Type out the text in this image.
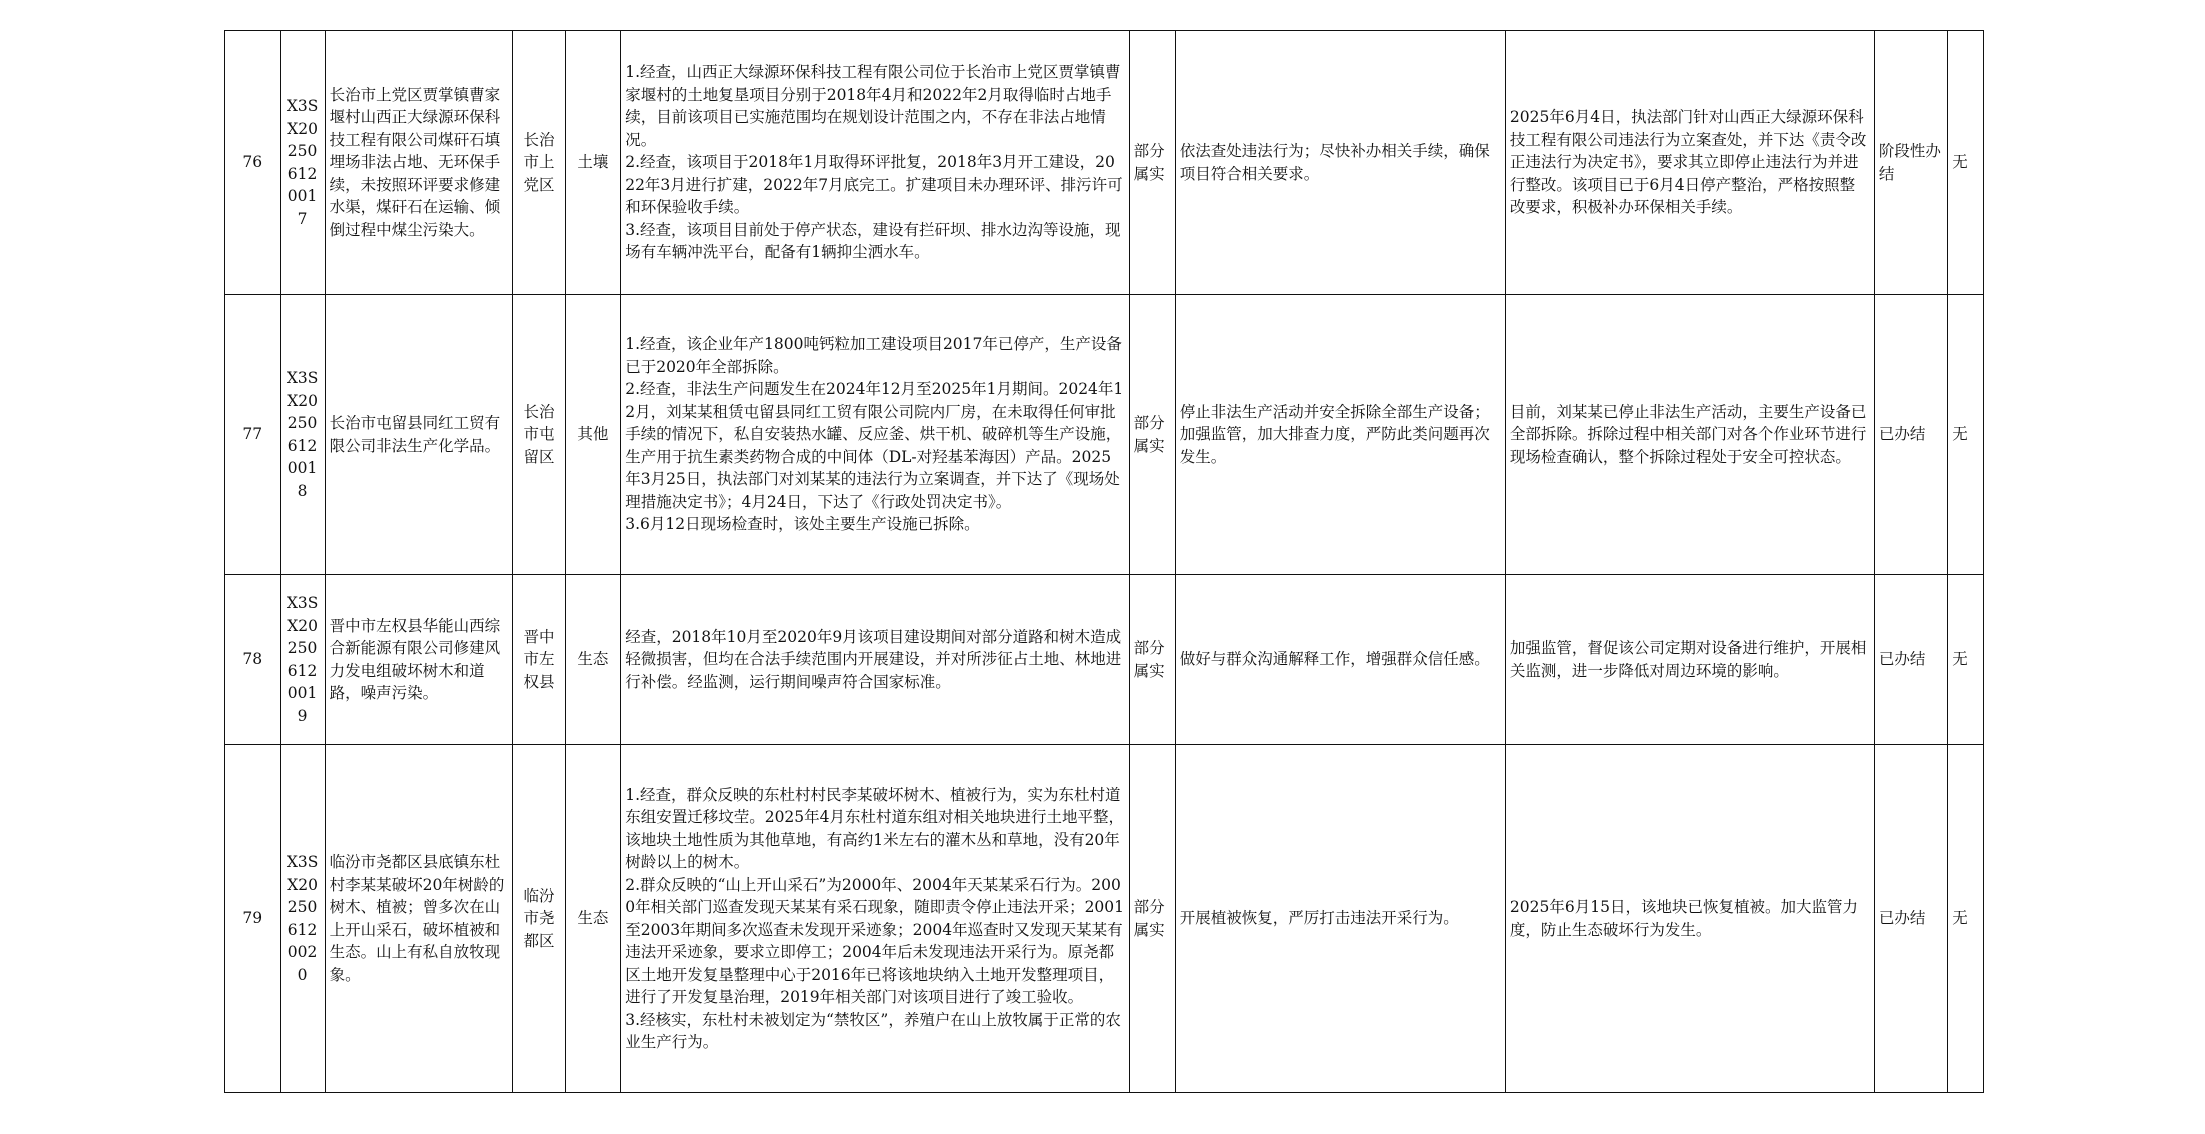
76	X3SX202506120017	长治市上党区贾掌镇曹家堰村山西正大绿源环保科技工程有限公司煤矸石填埋场非法占地、无环保手续，未按照环评要求修建水渠，煤矸石在运输、倾倒过程中煤尘污染大。	长治市上党区	土壤	1.经查，山西正大绿源环保科技工程有限公司位于长治市上党区贾掌镇曹家堰村的土地复垦项目分别于2018年4月和2022年2月取得临时占地手续，目前该项目已实施范围均在规划设计范围之内，不存在非法占地情况。
2.经查，该项目于2018年1月取得环评批复，2018年3月开工建设，2022年3月进行扩建，2022年7月底完工。扩建项目未办理环评、排污许可和环保验收手续。
3.经查，该项目目前处于停产状态，建设有拦矸坝、排水边沟等设施，现场有车辆冲洗平台，配备有1辆抑尘洒水车。	部分属实	依法查处违法行为；尽快补办相关手续，确保项目符合相关要求。	2025年6月4日，执法部门针对山西正大绿源环保科技工程有限公司违法行为立案查处，并下达《责令改正违法行为决定书》，要求其立即停止违法行为并进行整改。该项目已于6月4日停产整治，严格按照整改要求，积极补办环保相关手续。	阶段性办结	无
77	X3SX202506120018	长治市屯留县同红工贸有限公司非法生产化学品。	长治市屯留区	其他	1.经查，该企业年产1800吨钙粒加工建设项目2017年已停产，生产设备已于2020年全部拆除。
2.经查，非法生产问题发生在2024年12月至2025年1月期间。2024年12月，刘某某租赁屯留县同红工贸有限公司院内厂房，在未取得任何审批手续的情况下，私自安装热水罐、反应釜、烘干机、破碎机等生产设施，生产用于抗生素类药物合成的中间体（DL-对羟基苯海因）产品。2025年3月25日，执法部门对刘某某的违法行为立案调查，并下达了《现场处理措施决定书》；4月24日，下达了《行政处罚决定书》。
3.6月12日现场检查时，该处主要生产设施已拆除。	部分属实	停止非法生产活动并安全拆除全部生产设备；加强监管，加大排查力度，严防此类问题再次发生。	目前，刘某某已停止非法生产活动，主要生产设备已全部拆除。拆除过程中相关部门对各个作业环节进行现场检查确认，整个拆除过程处于安全可控状态。	已办结	无
78	X3SX202506120019	晋中市左权县华能山西综合新能源有限公司修建风力发电组破坏树木和道路，噪声污染。	晋中市左权县	生态	经查，2018年10月至2020年9月该项目建设期间对部分道路和树木造成轻微损害，但均在合法手续范围内开展建设，并对所涉征占土地、林地进行补偿。经监测，运行期间噪声符合国家标准。	部分属实	做好与群众沟通解释工作，增强群众信任感。	加强监管，督促该公司定期对设备进行维护，开展相关监测，进一步降低对周边环境的影响。	已办结	无
79	X3SX202506120020	临汾市尧都区县底镇东杜村李某某破坏20年树龄的树木、植被；曾多次在山上开山采石，破坏植被和生态。山上有私自放牧现象。	临汾市尧都区	生态	1.经查，群众反映的东杜村村民李某破坏树木、植被行为，实为东杜村道东组安置迁移坟茔。2025年4月东杜村道东组对相关地块进行土地平整，该地块土地性质为其他草地，有高约1米左右的灌木丛和草地，没有20年树龄以上的树木。
2.群众反映的“山上开山采石”为2000年、2004年天某某采石行为。2000年相关部门巡查发现天某某有采石现象，随即责令停止违法开采；2001至2003年期间多次巡查未发现开采迹象；2004年巡查时又发现天某某有违法开采迹象，要求立即停工；2004年后未发现违法开采行为。原尧都区土地开发复垦整理中心于2016年已将该地块纳入土地开发整理项目，进行了开发复垦治理，2019年相关部门对该项目进行了竣工验收。
3.经核实，东杜村未被划定为“禁牧区”，养殖户在山上放牧属于正常的农业生产行为。	部分属实	开展植被恢复，严厉打击违法开采行为。	2025年6月15日，该地块已恢复植被。加大监管力度，防止生态破坏行为发生。	已办结	无
